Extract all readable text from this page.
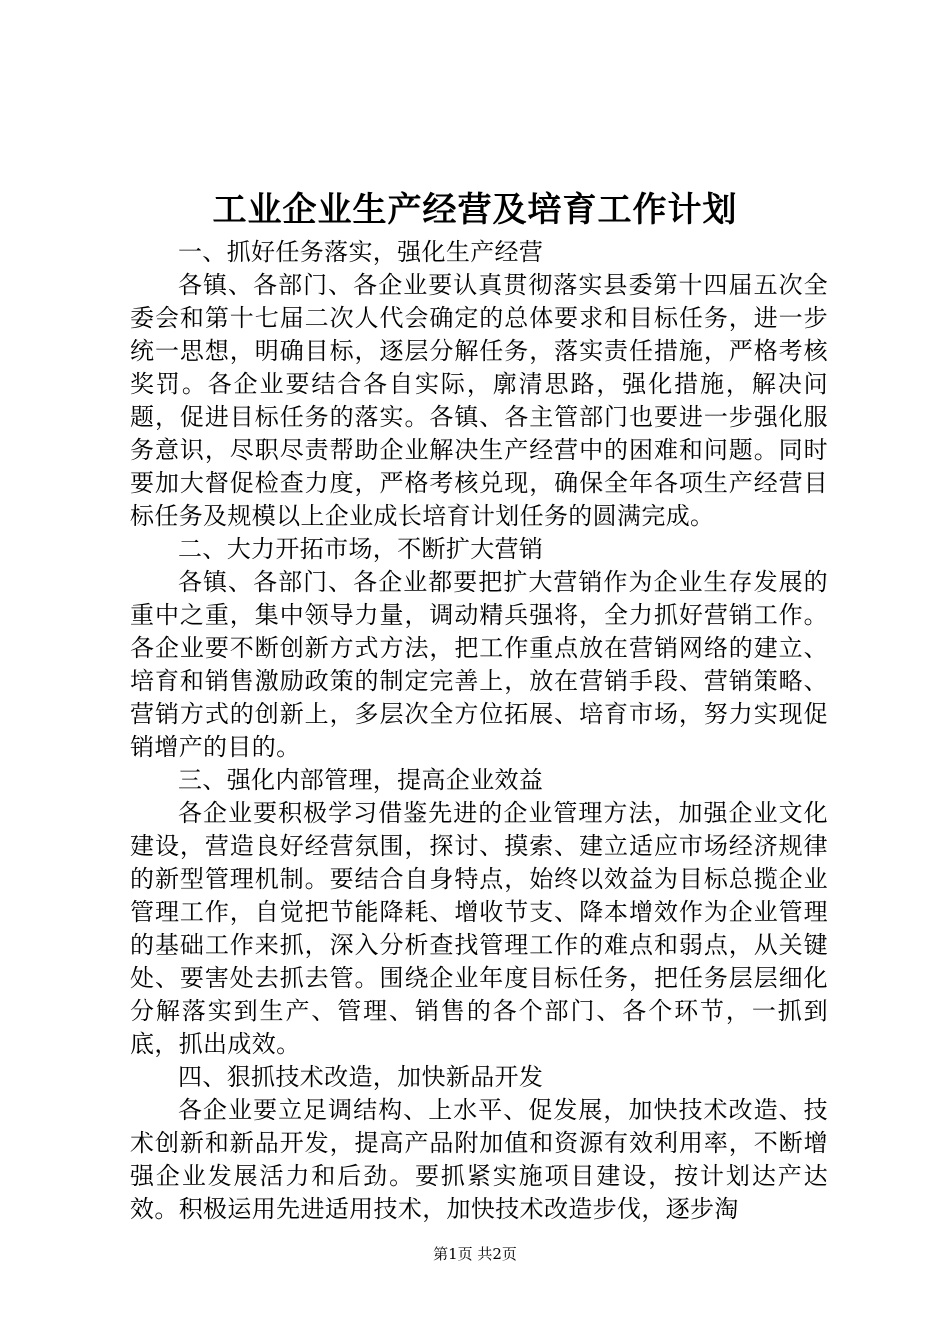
工业企业生产经营及培育工作计划

一、抓好任务落实，强化生产经营

各镇、各部门、各企业要认真贯彻落实县委第十四届五次全委会和第十七届二次人代会确定的总体要求和目标任务，进一步统一思想，明确目标，逐层分解任务，落实责任措施，严格考核奖罚。各企业要结合各自实际，廓清思路，强化措施，解决问题，促进目标任务的落实。各镇、各主管部门也要进一步强化服务意识，尽职尽责帮助企业解决生产经营中的困难和问题。同时要加大督促检查力度，严格考核兑现，确保全年各项生产经营目标任务及规模以上企业成长培育计划任务的圆满完成。

二、大力开拓市场，不断扩大营销

各镇、各部门、各企业都要把扩大营销作为企业生存发展的重中之重，集中领导力量，调动精兵强将，全力抓好营销工作。各企业要不断创新方式方法，把工作重点放在营销网络的建立、培育和销售激励政策的制定完善上，放在营销手段、营销策略、营销方式的创新上，多层次全方位拓展、培育市场，努力实现促销增产的目的。

三、强化内部管理，提高企业效益

各企业要积极学习借鉴先进的企业管理方法，加强企业文化建设，营造良好经营氛围，探讨、摸索、建立适应市场经济规律的新型管理机制。要结合自身特点，始终以效益为目标总揽企业管理工作，自觉把节能降耗、增收节支、降本增效作为企业管理的基础工作来抓，深入分析查找管理工作的难点和弱点，从关键处、要害处去抓去管。围绕企业年度目标任务，把任务层层细化分解落实到生产、管理、销售的各个部门、各个环节，一抓到底，抓出成效。

四、狠抓技术改造，加快新品开发

各企业要立足调结构、上水平、促发展，加快技术改造、技术创新和新品开发，提高产品附加值和资源有效利用率，不断增强企业发展活力和后劲。要抓紧实施项目建设，按计划达产达效。积极运用先进适用技术，加快技术改造步伐，逐步淘

第1页 共2页
